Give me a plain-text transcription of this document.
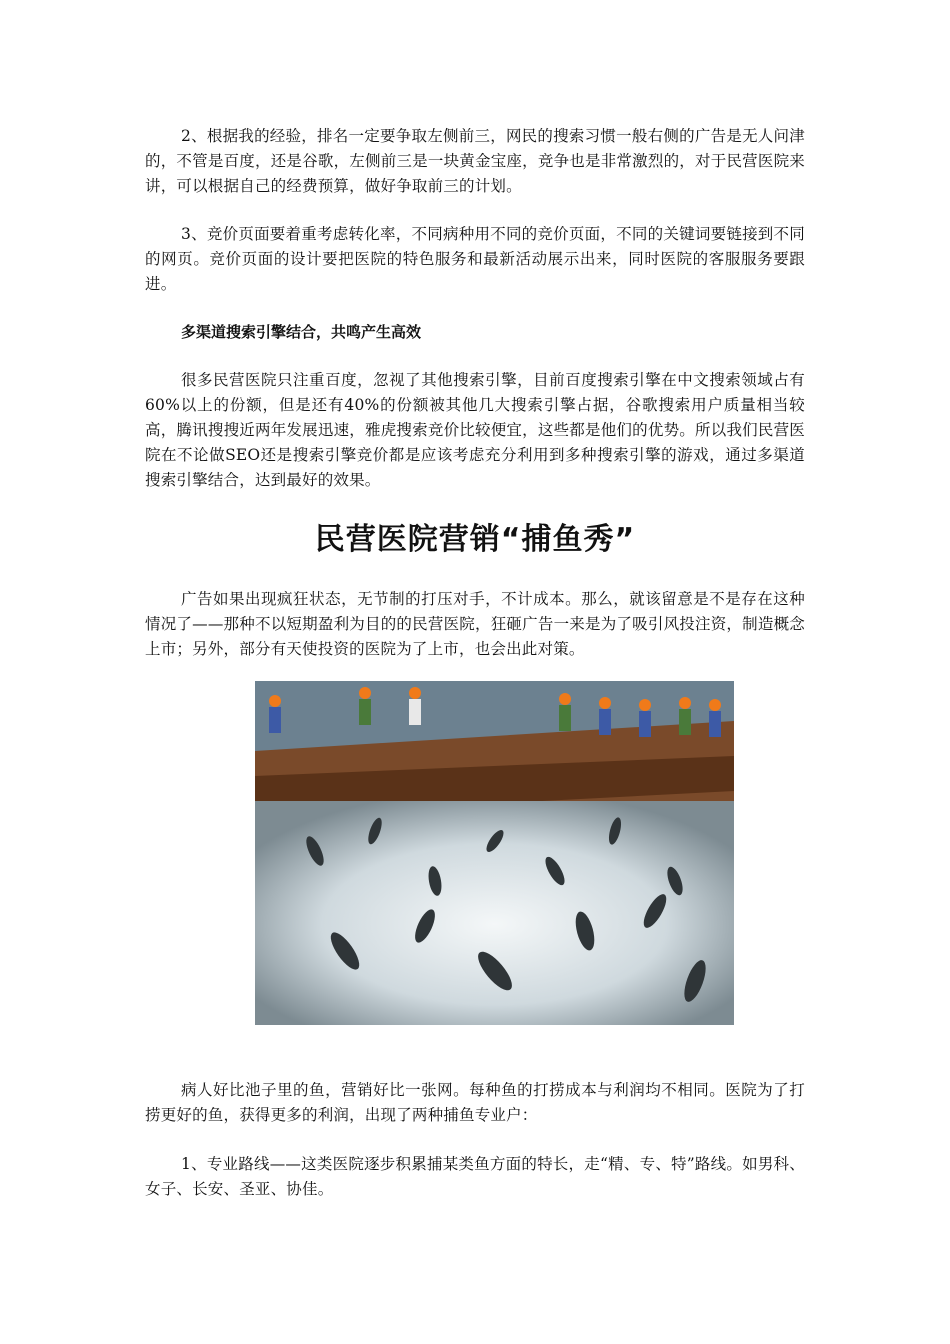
2、根据我的经验，排名一定要争取左侧前三，网民的搜索习惯一般右侧的广告是无人问津的，不管是百度，还是谷歌，左侧前三是一块黄金宝座，竞争也是非常激烈的，对于民营医院来讲，可以根据自己的经费预算，做好争取前三的计划。

3、竞价页面要着重考虑转化率，不同病种用不同的竞价页面，不同的关键词要链接到不同的网页。竞价页面的设计要把医院的特色服务和最新活动展示出来，同时医院的客服服务要跟进。

多渠道搜索引擎结合，共鸣产生高效

很多民营医院只注重百度，忽视了其他搜索引擎，目前百度搜索引擎在中文搜索领域占有60%以上的份额，但是还有40%的份额被其他几大搜索引擎占据，谷歌搜索用户质量相当较高，腾讯搜搜近两年发展迅速，雅虎搜索竞价比较便宜，这些都是他们的优势。所以我们民营医院在不论做SEO还是搜索引擎竞价都是应该考虑充分利用到多种搜索引擎的游戏，通过多渠道搜索引擎结合，达到最好的效果。

民营医院营销“捕鱼秀”

广告如果出现疯狂状态，无节制的打压对手，不计成本。那么，就该留意是不是存在这种情况了——那种不以短期盈利为目的的民营医院，狂砸广告一来是为了吸引风投注资，制造概念上市；另外，部分有天使投资的医院为了上市，也会出此对策。

病人好比池子里的鱼，营销好比一张网。每种鱼的打捞成本与利润均不相同。医院为了打捞更好的鱼，获得更多的利润，出现了两种捕鱼专业户：

1、专业路线——这类医院逐步积累捕某类鱼方面的特长，走“精、专、特”路线。如男科、女子、长安、圣亚、协佳。
